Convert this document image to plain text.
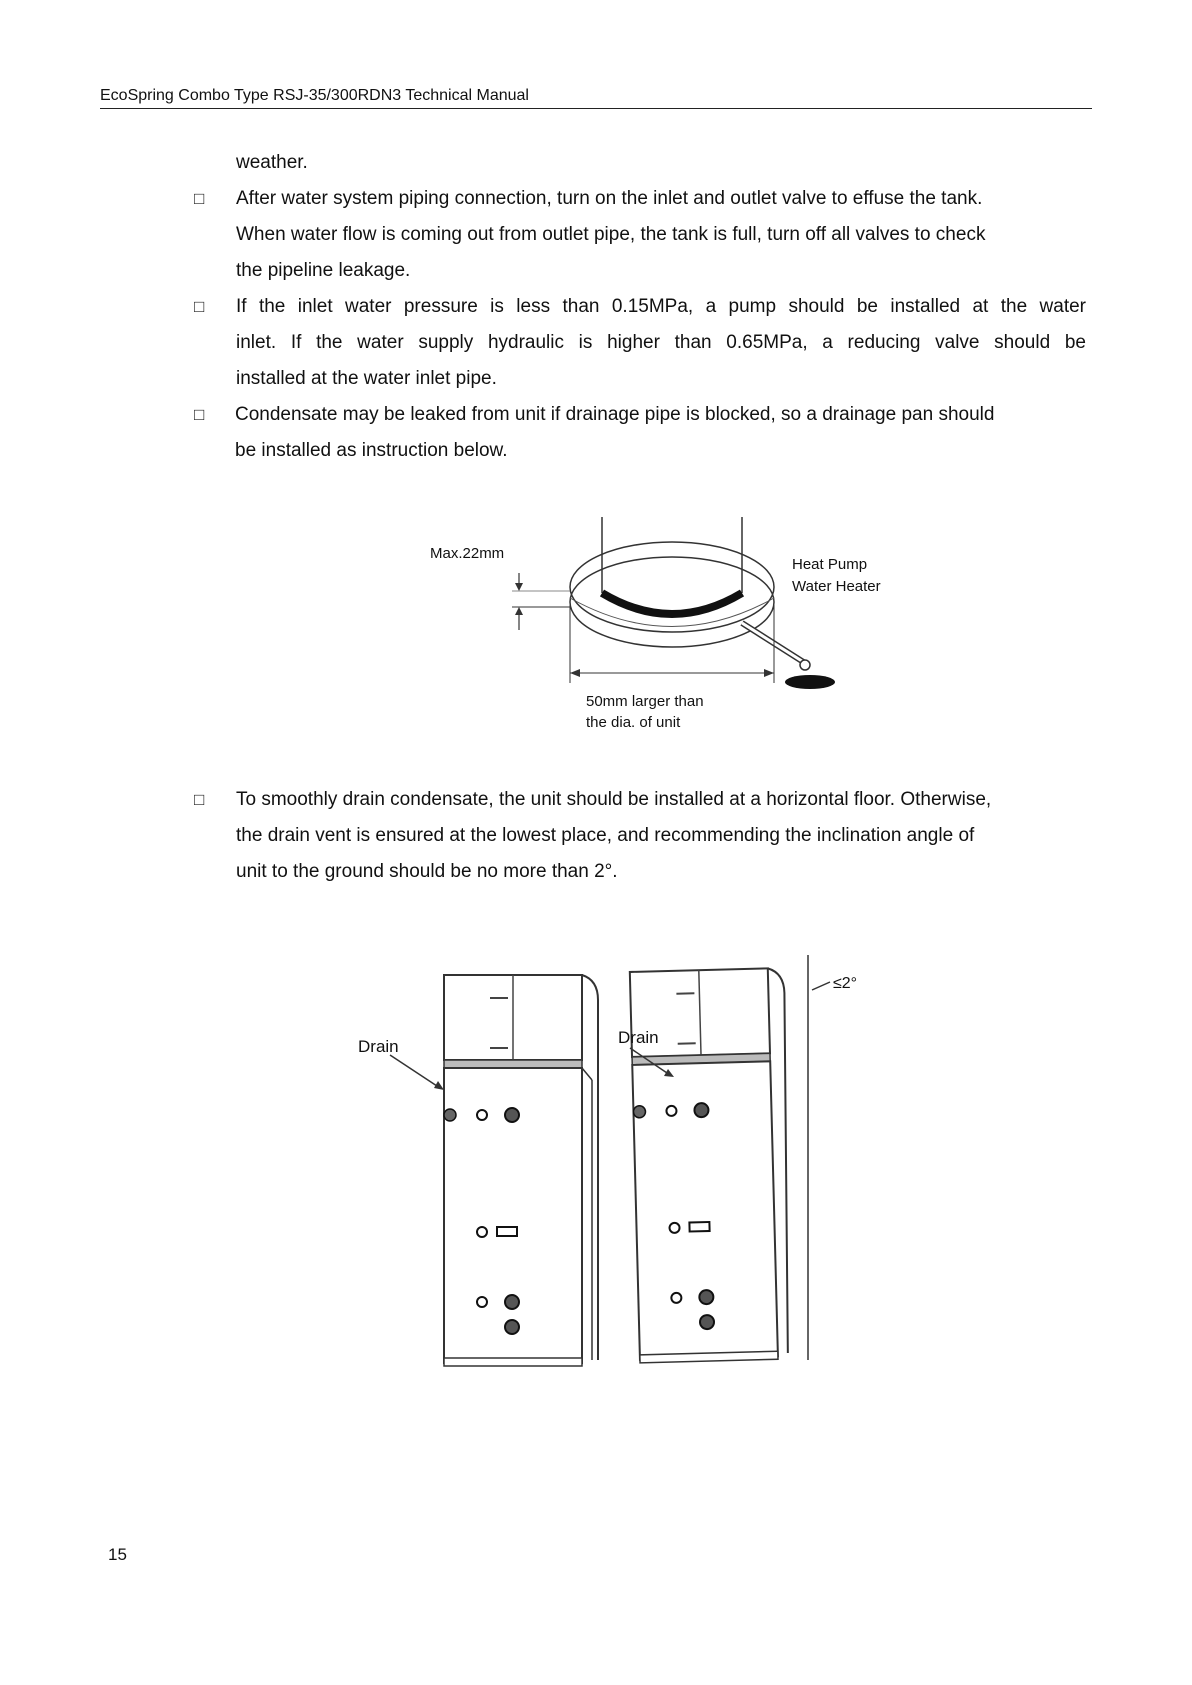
EcoSpring Combo Type RSJ-35/300RDN3 Technical Manual
weather.
□ After water system piping connection, turn on the inlet and outlet valve to effuse the tank.
When water flow is coming out from outlet pipe, the tank is full, turn off all valves to check
the pipeline leakage.
□ If the inlet water pressure is less than 0.15MPa, a pump should be installed at the water
inlet. If the water supply hydraulic is higher than 0.65MPa, a reducing valve should be
installed at the water inlet pipe.
□ Condensate may be leaked from unit if drainage pipe is blocked, so a drainage pan should
be installed as instruction below.
Max.22mm
Heat Pump
Water Heater
50mm larger than
the dia. of unit
□ To smoothly drain condensate, the unit should be installed at a horizontal floor. Otherwise,
the drain vent is ensured at the lowest place, and recommending the inclination angle of
unit to the ground should be no more than 2°.
Drain	Drain
≤2°
15
